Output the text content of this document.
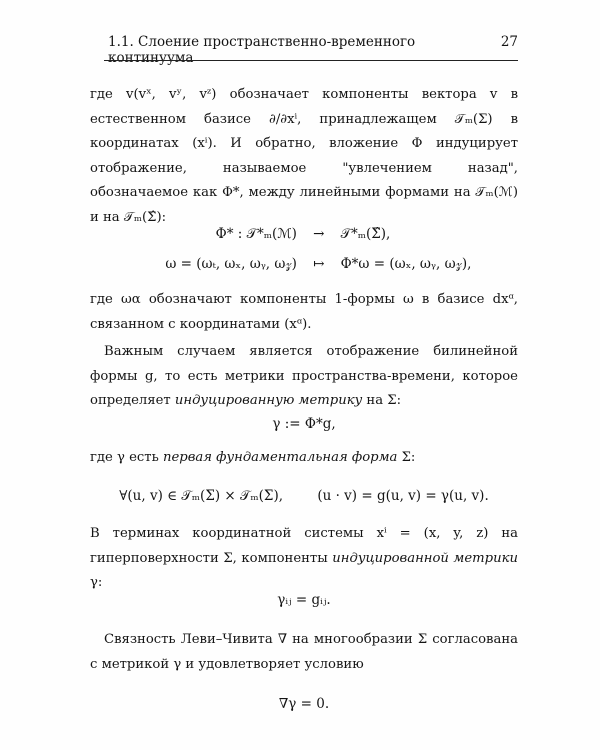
1.1. Слоение пространственно-временного континуума
27

где v(vˣ, vʸ, vᶻ) обозначает компоненты вектора v в естественном базисе ∂/∂xⁱ, принадлежащем 𝒯ₘ(Σ) в координатах (xⁱ). И обратно, вложение Φ индуцирует отображение, называемое "увлечением назад", обозначаемое как Φ*, между линейными формами на 𝒯ₘ(ℳ) и на 𝒯ₘ(Σ̂):

Φ* : 𝒯*ₘ(ℳ)	→	𝒯*ₘ(Σ̂),
ω = (ωₜ, ωₓ, ωᵧ, ω𝓏)	↦	Φ*ω = (ωₓ, ωᵧ, ω𝓏),

где ωα обозначают компоненты 1-формы ω в базисе dxᵅ, связанном с координатами (xᵅ).

Важным случаем является отображение билинейной формы g, то есть метрики пространства-времени, которое определяет индуцированную метрику на Σ:

γ := Φ*g,

где γ есть первая фундаментальная форма Σ:

∀(u, v) ∈ 𝒯ₘ(Σ) × 𝒯ₘ(Σ),        (u · v) = g(u, v) = γ(u, v).

В терминах координатной системы xⁱ = (x, y, z) на гиперповерхности Σ, компоненты индуцированной метрики γ:

γᵢⱼ = gᵢⱼ.

Связность Леви–Чивита ∇ на многообразии Σ согласована с метрикой γ и удовлетворяет условию

∇γ = 0.
